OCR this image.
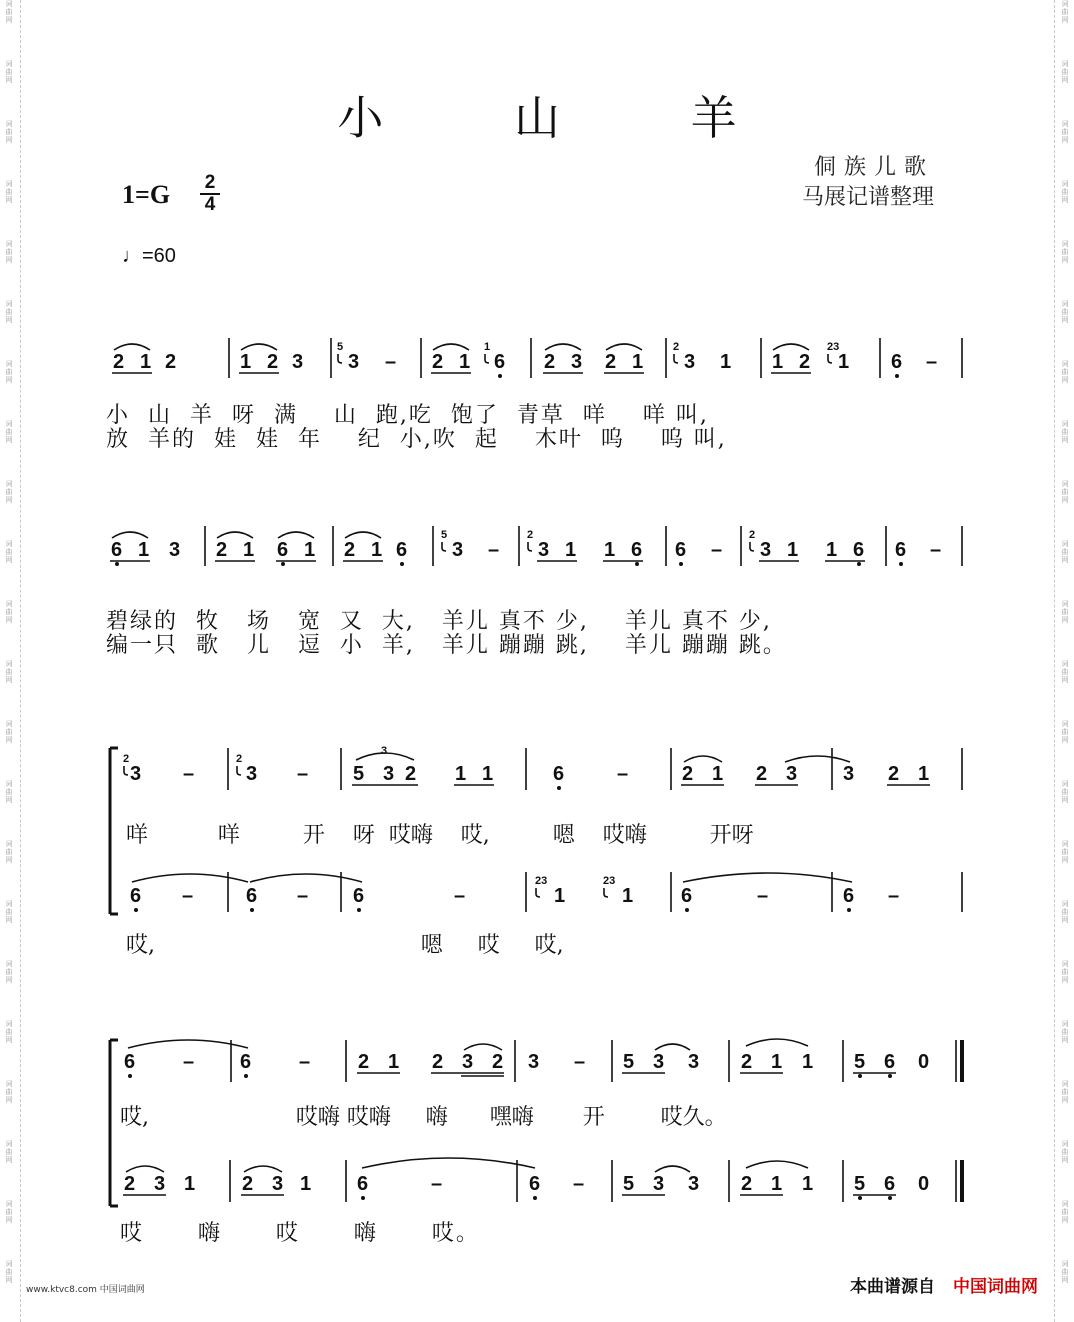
词
曲
网
词
曲
网
词
曲
网
词
曲
网
词
曲
网
词
曲
网
词
曲
网
词
曲
网
词
曲
网
词
曲
网
词
曲
网
词
曲
网
词
曲
网
词
曲
网
词
曲
网
词
曲
网
词
曲
网
词
曲
网
词
曲
网
词
曲
网
词
曲
网
词
曲
网
词
曲
网
词
曲
网
词
曲
网
词
曲
网
词
曲
网
词
曲
网
词
曲
网
词
曲
网
词
曲
网
词
曲
网
词
曲
网
词
曲
网
词
曲
网
词
曲
网
词
曲
网
词
曲
网
词
曲
网
词
曲
网
词
曲
网
词
曲
网
词
曲
网
词
曲
网
小 山 羊
侗族儿歌
马展记谱整理
1=G 2
4
♩=60
2 1 2	1 2 3
5
3 – 2 1
1
6 2 3 2 1
2
3 1 1 2
23
1 6 –
6 1 3 2 1 6 1 2 1 6
5
3 –
2
3 1 1 6 6 –
2
3 1 1 6 6 –
2
3 –
2
3 – 5 3 2
3
1 1	6	–	2 1 2 3 3 2 1
6 –	6 – 6	–
23
1
23
1 6	–	6 –
6 – 6 – 2 1 2 3 2 3 – 5 3 3 2 1 1 5 6 0
2 3 1 2 3 1 6	–	6 – 5 3 3 2 1 1 5 6 0
小  山  羊  呀  满    山  跑,吃  饱了  青草  咩    咩 叫,
放  羊的  娃  娃  年    纪  小,吹  起    木叶  呜    呜 叫,
碧绿的  牧   场   宽  又  大,   羊儿 真不 少,    羊儿 真不 少,
编一只  歌   儿   逗  小  羊,   羊儿 蹦蹦 跳,    羊儿 蹦蹦 跳。
咩          咩         开    呀  哎嗨    哎,         嗯    哎嗨         开呀
哎,                                      嗯     哎     哎,
哎,                     哎嗨 哎嗨     嗨      嘿嗨       开        哎久。
哎      嗨      哎      嗨      哎。
www.ktvc8.com 中国词曲网	本曲谱源自 中国词曲网
